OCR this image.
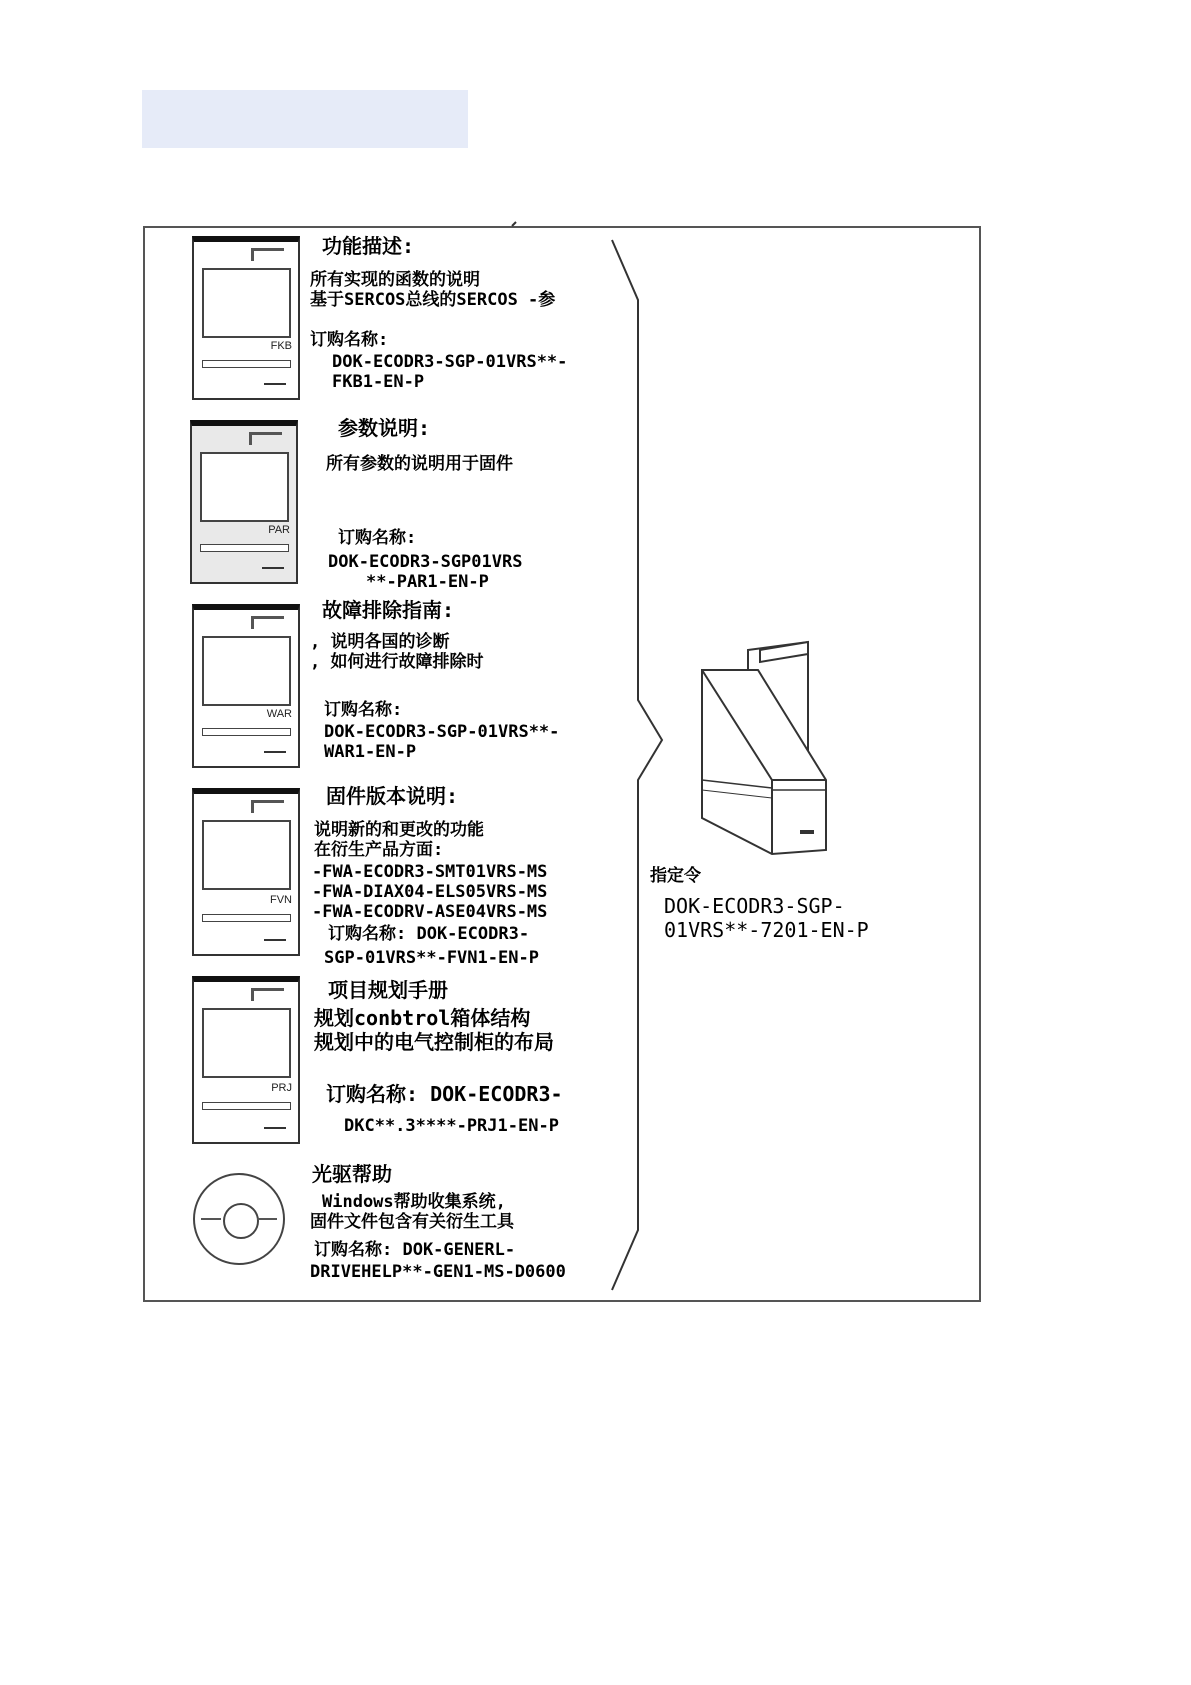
FKB
功能描述:
所有实现的函数的说明
基于SERCOS总线的SERCOS -参
订购名称:
DOK-ECODR3-SGP-01VRS**-
FKB1-EN-P
PAR
参数说明:
所有参数的说明用于固件
订购名称:
DOK-ECODR3-SGP01VRS
**-PAR1-EN-P
WAR
故障排除指南:
, 说明各国的诊断
, 如何进行故障排除时
订购名称:
DOK-ECODR3-SGP-01VRS**-
WAR1-EN-P
FVN
固件版本说明:
说明新的和更改的功能
在衍生产品方面:
-FWA-ECODR3-SMT01VRS-MS
-FWA-DIAX04-ELS05VRS-MS
-FWA-ECODRV-ASE04VRS-MS
订购名称: DOK-ECODR3-
SGP-01VRS**-FVN1-EN-P
PRJ
项目规划手册
规划conbtrol箱体结构
规划中的电气控制柜的布局
订购名称: DOK-ECODR3-
DKC**.3****-PRJ1-EN-P
光驱帮助
Windows帮助收集系统,
固件文件包含有关衍生工具
订购名称: DOK-GENERL-
DRIVEHELP**-GEN1-MS-D0600
指定令
DOK-ECODR3-SGP-
01VRS**-7201-EN-P
